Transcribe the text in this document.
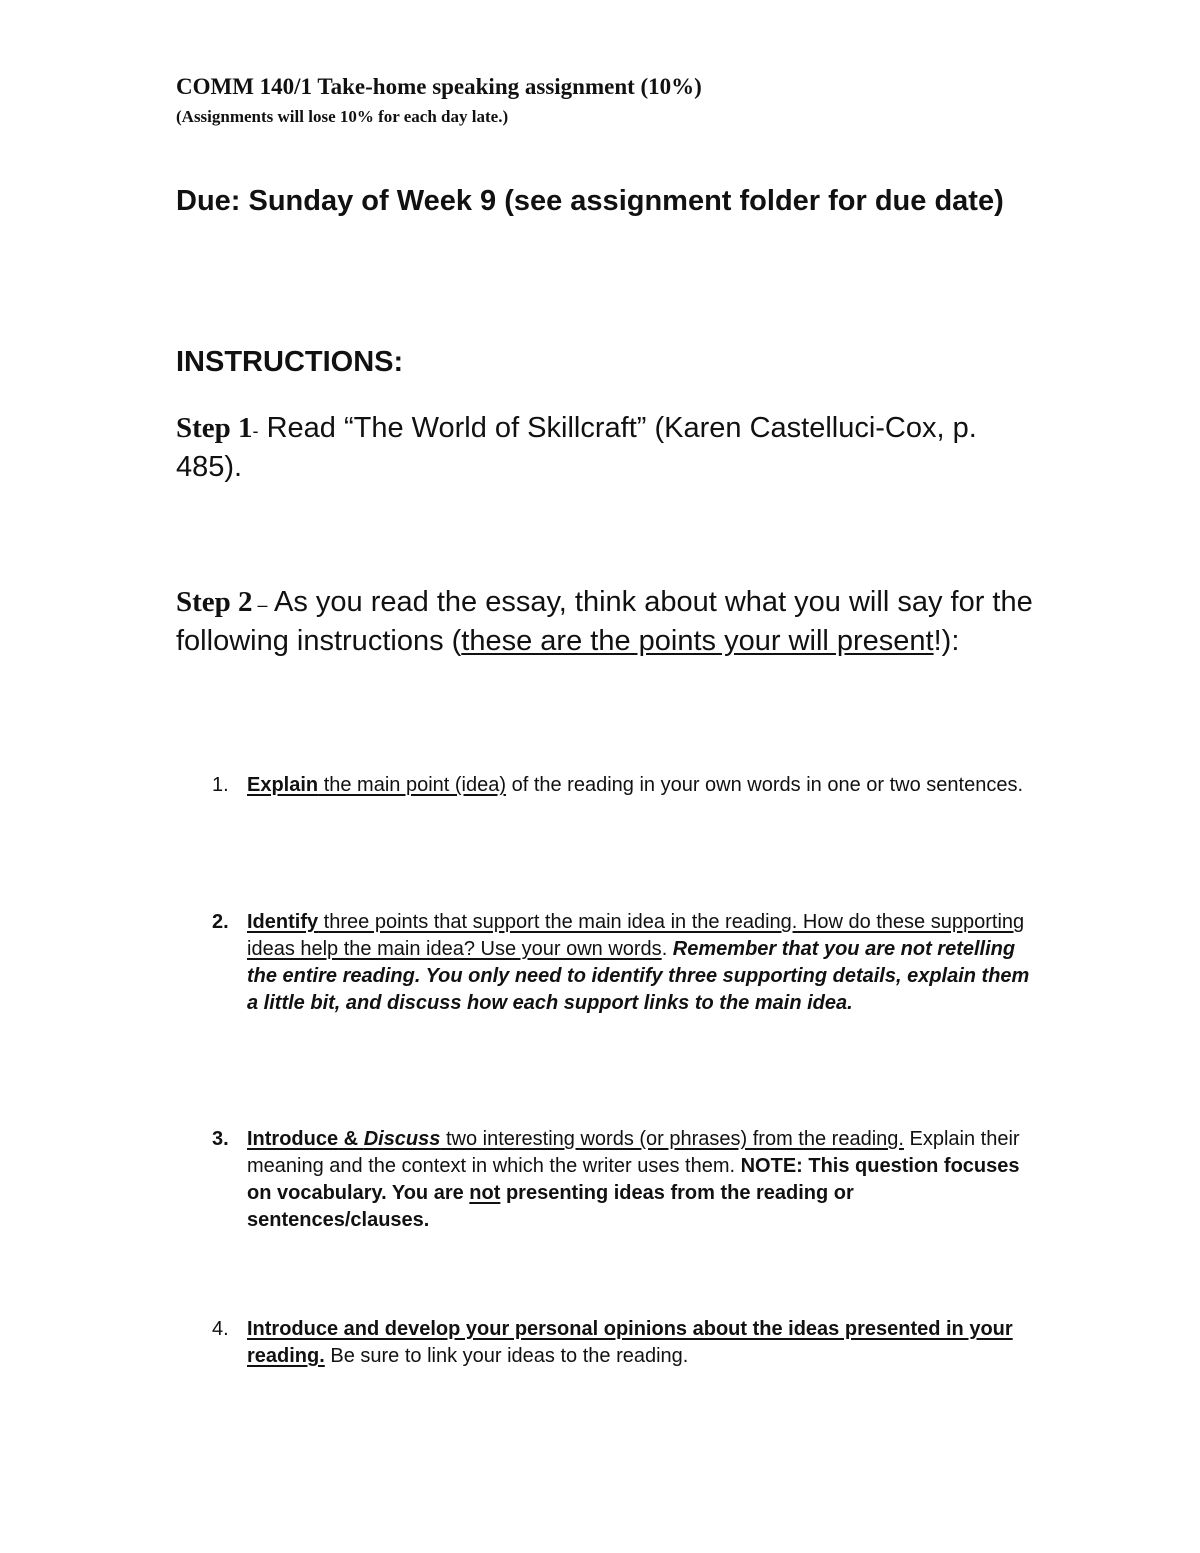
COMM 140/1 Take-home speaking assignment (10%)
(Assignments will lose 10% for each day late.)
Due: Sunday of Week 9 (see assignment folder for due date)
INSTRUCTIONS:
Step 1- Read “The World of Skillcraft” (Karen Castelluci-Cox, p. 485).
Step 2 – As you read the essay, think about what you will say for the following instructions (these are the points your will present!):
1. Explain the main point (idea) of the reading in your own words in one or two sentences.
2. Identify three points that support the main idea in the reading. How do these supporting ideas help the main idea? Use your own words. Remember that you are not retelling the entire reading. You only need to identify three supporting details, explain them a little bit, and discuss how each support links to the main idea.
3. Introduce & Discuss two interesting words (or phrases) from the reading. Explain their meaning and the context in which the writer uses them. NOTE: This question focuses on vocabulary. You are not presenting ideas from the reading or sentences/clauses.
4. Introduce and develop your personal opinions about the ideas presented in your reading. Be sure to link your ideas to the reading.
